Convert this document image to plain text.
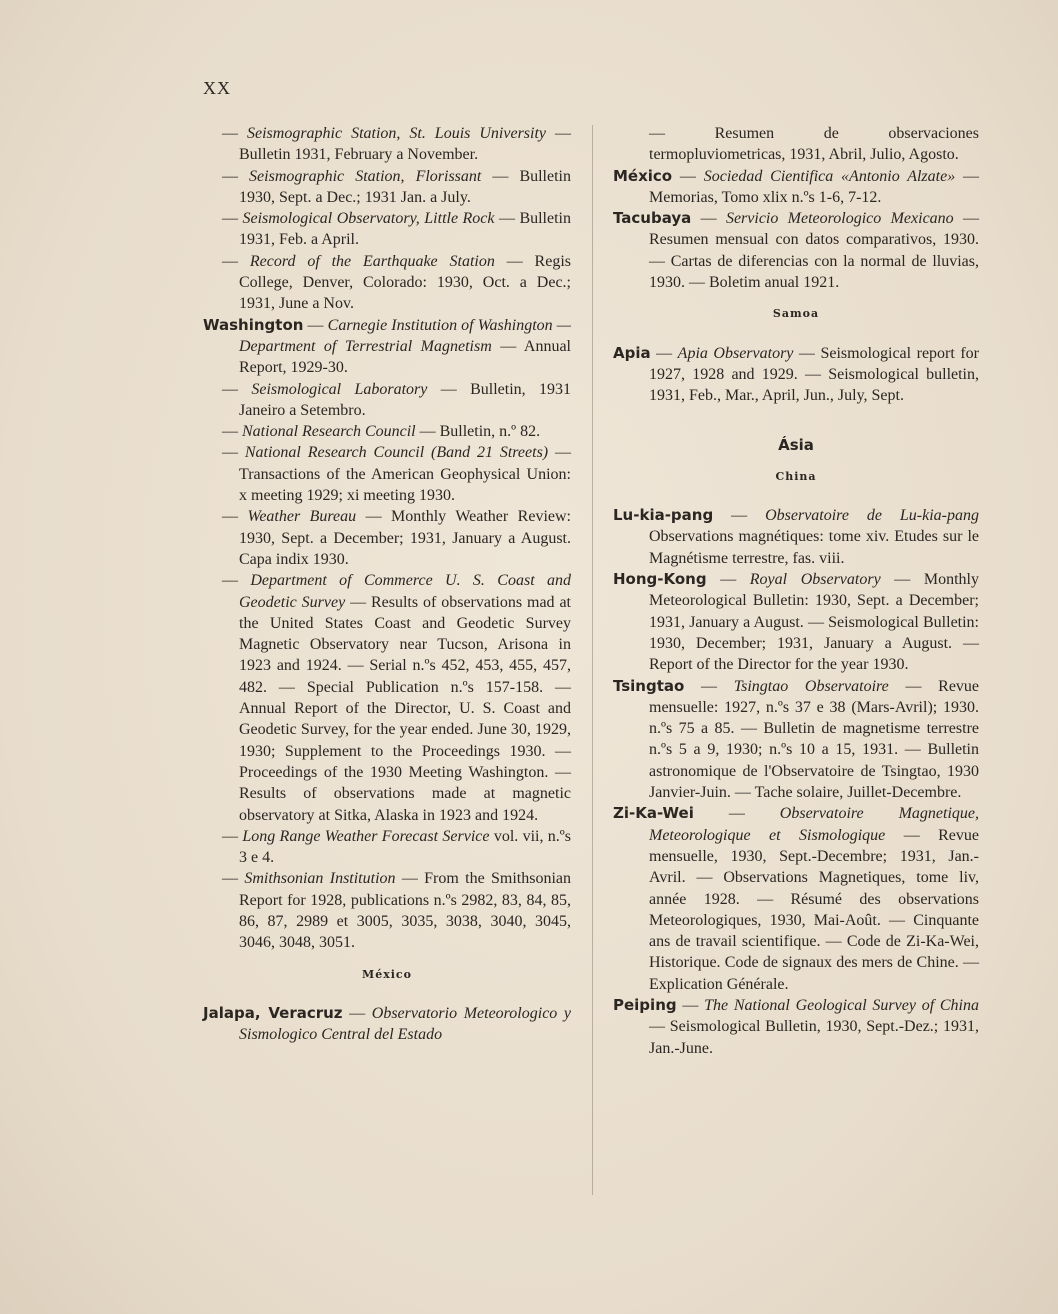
XX

— Seismographic Station, St. Louis University — Bulletin 1931, February a November.

— Seismographic Station, Florissant — Bulletin 1930, Sept. a Dec.; 1931 Jan. a July.

— Seismological Observatory, Little Rock — Bulletin 1931, Feb. a April.

— Record of the Earthquake Station — Regis College, Denver, Colorado: 1930, Oct. a Dec.; 1931, June a Nov.

Washington — Carnegie Institution of Washington — Department of Terrestrial Magnetism — Annual Report, 1929-30.

— Seismological Laboratory — Bulletin, 1931 Janeiro a Setembro.

— National Research Council — Bulletin, n.º 82.

— National Research Council (Band 21 Streets) — Transactions of the American Geophysical Union: x meeting 1929; xi meeting 1930.

— Weather Bureau — Monthly Weather Review: 1930, Sept. a December; 1931, January a August. Capa indix 1930.

— Department of Commerce U. S. Coast and Geodetic Survey — Results of observations mad at the United States Coast and Geodetic Survey Magnetic Observatory near Tucson, Arisona in 1923 and 1924. — Serial n.ºs 452, 453, 455, 457, 482. — Special Publication n.ºs 157-158. — Annual Report of the Director, U. S. Coast and Geodetic Survey, for the year ended. June 30, 1929, 1930; Supplement to the Proceedings 1930. — Proceedings of the 1930 Meeting Washington. — Results of observations made at magnetic observatory at Sitka, Alaska in 1923 and 1924.

— Long Range Weather Forecast Service vol. vii, n.ºs 3 e 4.

— Smithsonian Institution — From the Smithsonian Report for 1928, publications n.ºs 2982, 83, 84, 85, 86, 87, 2989 et 3005, 3035, 3038, 3040, 3045, 3046, 3048, 3051.

México

Jalapa, Veracruz — Observatorio Meteorologico y Sismologico Central del Estado

— Resumen de observaciones termopluviometricas, 1931, Abril, Julio, Agosto.

México — Sociedad Cientifica «Antonio Alzate» — Memorias, Tomo xlix n.ºs 1-6, 7-12.

Tacubaya — Servicio Meteorologico Mexicano — Resumen mensual con datos comparativos, 1930. — Cartas de diferencias con la normal de lluvias, 1930. — Boletim anual 1921.

Samoa

Apia — Apia Observatory — Seismological report for 1927, 1928 and 1929. — Seismological bulletin, 1931, Feb., Mar., April, Jun., July, Sept.

Ásia
China

Lu-kia-pang — Observatoire de Lu-kia-pang Observations magnétiques: tome xiv. Etudes sur le Magnétisme terrestre, fas. viii.

Hong-Kong — Royal Observatory — Monthly Meteorological Bulletin: 1930, Sept. a December; 1931, January a August. — Seismological Bulletin: 1930, December; 1931, January a August. — Report of the Director for the year 1930.

Tsingtao — Tsingtao Observatoire — Revue mensuelle: 1927, n.ºs 37 e 38 (Mars-Avril); 1930. n.ºs 75 a 85. — Bulletin de magnetisme terrestre n.ºs 5 a 9, 1930; n.ºs 10 a 15, 1931. — Bulletin astronomique de l'Observatoire de Tsingtao, 1930 Janvier-Juin. — Tache solaire, Juillet-Decembre.

Zi-Ka-Wei — Observatoire Magnetique, Meteorologique et Sismologique — Revue mensuelle, 1930, Sept.-Decembre; 1931, Jan.-Avril. — Observations Magnetiques, tome liv, année 1928. — Résumé des observations Meteorologiques, 1930, Mai-Août. — Cinquante ans de travail scientifique. — Code de Zi-Ka-Wei, Historique. Code de signaux des mers de Chine. — Explication Générale.

Peiping — The National Geological Survey of China — Seismological Bulletin, 1930, Sept.-Dez.; 1931, Jan.-June.
